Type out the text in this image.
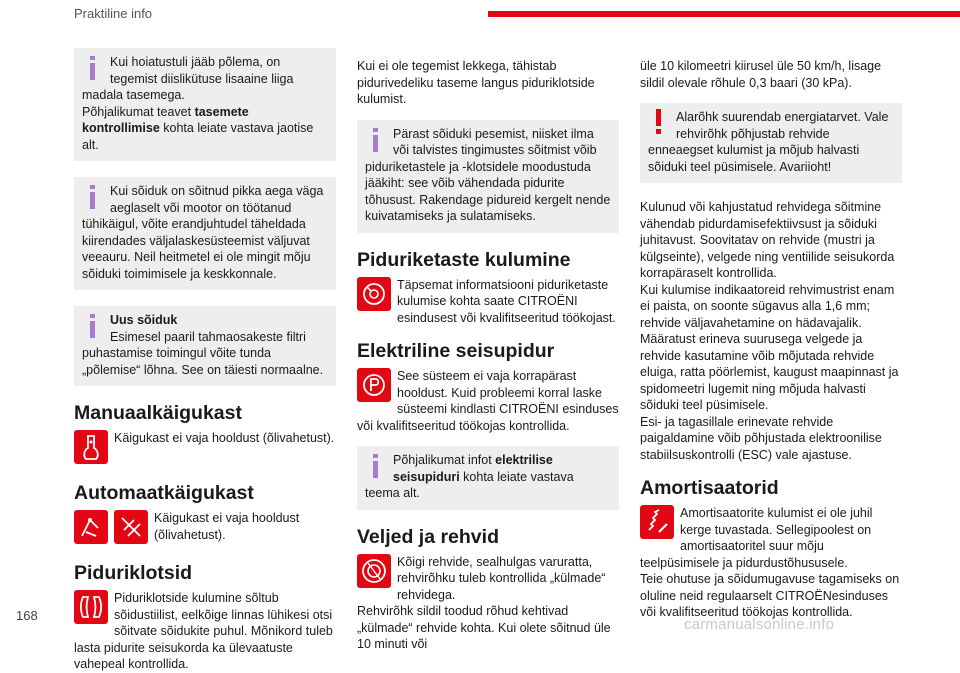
Praktiline info
Kui hoiatustuli jääb põlema, on tegemist diislikütuse lisaaine liiga madala tasemega.
Põhjalikumat teavet tasemete kontrollimise kohta leiate vastava jaotise alt.
Kui sõiduk on sõitnud pikka aega väga aeglaselt või mootor on töötanud tühikäigul, võite erandjuhtudel täheldada kiirendades väljalaskesüsteemist väljuvat veeauru. Neil heitmetel ei ole mingit mõju sõiduki toimimisele ja keskkonnale.
Uus sõiduk
Esimesel paaril tahmaosakeste filtri puhastamise toimingul võite tunda „põlemise“ lõhna. See on täiesti normaalne.
Manuaalkäigukast
Käigukast ei vaja hooldust (õlivahetust).
Automaatkäigukast
Käigukast ei vaja hooldust (õlivahetust).
Piduriklotsid
Piduriklotside kulumine sõltub sõidustiilist, eelkõige linnas lühikesi otsi sõitvate sõidukite puhul. Mõnikord tuleb lasta pidurite seisukorda ka ülevaatuste vahepeal kontrollida.

Kui ei ole tegemist lekkega, tähistab pidurivedeliku taseme langus piduriklotside kulumist.

Pärast sõiduki pesemist, niisket ilma või talvistes tingimustes sõitmist võib piduriketastele ja -klotsidele moodustuda jääkiht: see võib vähendada pidurite tõhusust. Rakendage pidureid kergelt nende kuivatamiseks ja sulatamiseks.
Piduriketaste kulumine
Täpsemat informatsiooni piduriketaste kulumise kohta saate CITROËNI esindusest või kvalifitseeritud töökojast.
Elektriline seisupidur
See süsteem ei vaja korrapärast hooldust. Kuid probleemi korral laske süsteemi kindlasti CITROËNI esinduses või kvalifitseeritud töökojas kontrollida.
Põhjalikumat infot elektrilise seisupiduri kohta leiate vastava teema alt.
Veljed ja rehvid
Kõigi rehvide, sealhulgas varuratta, rehvirõhku tuleb kontrollida „külmade“ rehvidega.
Rehvirõhk sildil toodud rõhud kehtivad „külmade“ rehvide kohta. Kui olete sõitnud üle 10 minuti või

üle 10 kilomeetri kiirusel üle 50 km/h, lisage sildil olevale rõhule 0,3 baari (30 kPa).

Alarõhk suurendab energiatarvet. Vale rehvirõhk põhjustab rehvide enneaegset kulumist ja mõjub halvasti sõiduki teel püsimisele. Avariioht!
Kulunud või kahjustatud rehvidega sõitmine vähendab pidurdamisefektiivsust ja sõiduki juhitavust. Soovitatav on rehvide (mustri ja külgseinte), velgede ning ventiilide seisukorda korrapäraselt kontrollida.
Kui kulumise indikaatoreid rehvimustrist enam ei paista, on soonte sügavus alla 1,6 mm; rehvide väljavahetamine on hädavajalik.
Määratust erineva suurusega velgede ja rehvide kasutamine võib mõjutada rehvide eluiga, ratta pöörlemist, kaugust maapinnast ja spidomeetri lugemit ning mõjuda halvasti sõiduki teel püsimisele.
Esi- ja tagasillale erinevate rehvide paigaldamine võib põhjustada elektroonilise stabiilsuskontrolli (ESC) vale ajastuse.
Amortisaatorid
Amortisaatorite kulumist ei ole juhil kerge tuvastada. Sellegipoolest on amortisaatoritel suur mõju teelpüsimisele ja pidurdustõhususele.
Teie ohutuse ja sõidumugavuse tagamiseks on oluline neid regulaarselt CITROËNesinduses või kvalifitseeritud töökojas kontrollida.
168
carmanualsonline.info
